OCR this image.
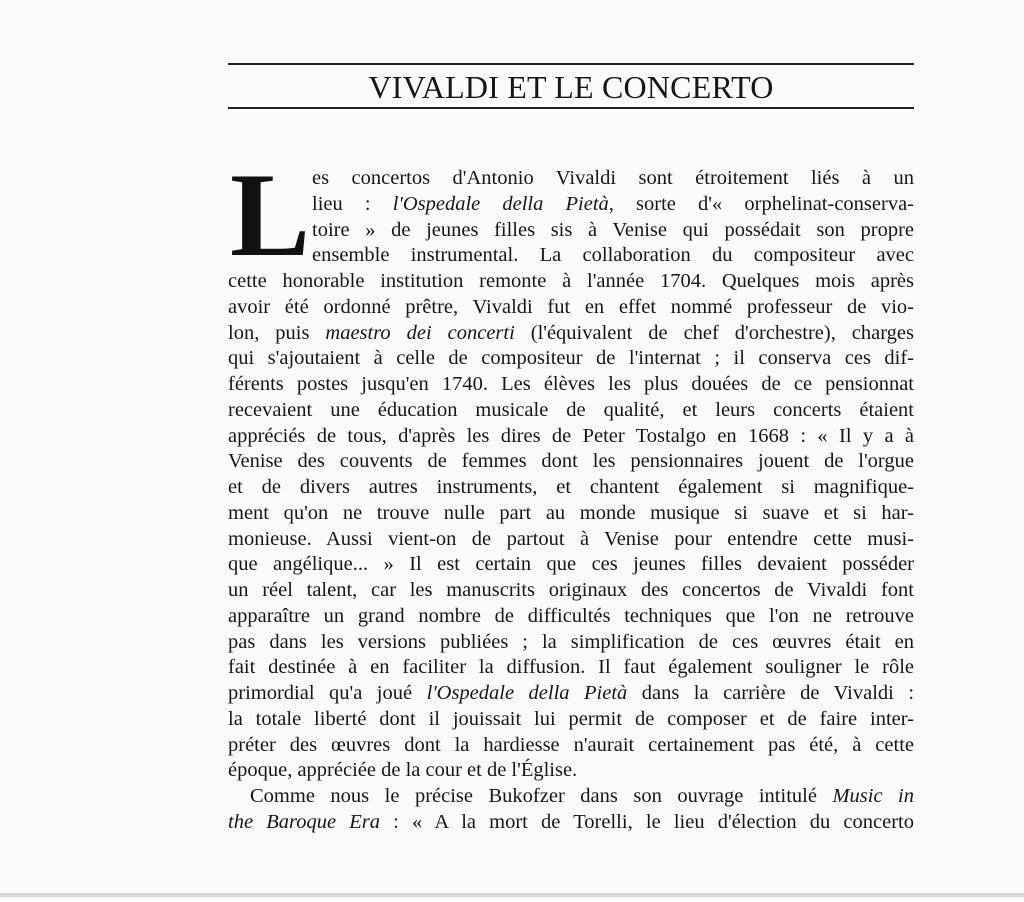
VIVALDI ET LE CONCERTO
L es concertos d'Antonio Vivaldi sont étroitement liés à un
lieu : l'Ospedale della Pietà, sorte d'« orphelinat-conserva-
toire » de jeunes filles sis à Venise qui possédait son propre
ensemble instrumental. La collaboration du compositeur avec
cette honorable institution remonte à l'année 1704. Quelques mois après
avoir été ordonné prêtre, Vivaldi fut en effet nommé professeur de vio-
lon, puis maestro dei concerti (l'équivalent de chef d'orchestre), charges
qui s'ajoutaient à celle de compositeur de l'internat ; il conserva ces dif-
férents postes jusqu'en 1740. Les élèves les plus douées de ce pensionnat
recevaient une éducation musicale de qualité, et leurs concerts étaient
appréciés de tous, d'après les dires de Peter Tostalgo en 1668 : « Il y a à
Venise des couvents de femmes dont les pensionnaires jouent de l'orgue
et de divers autres instruments, et chantent également si magnifique-
ment qu'on ne trouve nulle part au monde musique si suave et si har-
monieuse. Aussi vient-on de partout à Venise pour entendre cette musi-
que angélique... » Il est certain que ces jeunes filles devaient posséder
un réel talent, car les manuscrits originaux des concertos de Vivaldi font
apparaître un grand nombre de difficultés techniques que l'on ne retrouve
pas dans les versions publiées ; la simplification de ces œuvres était en
fait destinée à en faciliter la diffusion. Il faut également souligner le rôle
primordial qu'a joué l'Ospedale della Pietà dans la carrière de Vivaldi :
la totale liberté dont il jouissait lui permit de composer et de faire inter-
préter des œuvres dont la hardiesse n'aurait certainement pas été, à cette
époque, appréciée de la cour et de l'Église.
Comme nous le précise Bukofzer dans son ouvrage intitulé Music in
the Baroque Era : « A la mort de Torelli, le lieu d'élection du concerto
